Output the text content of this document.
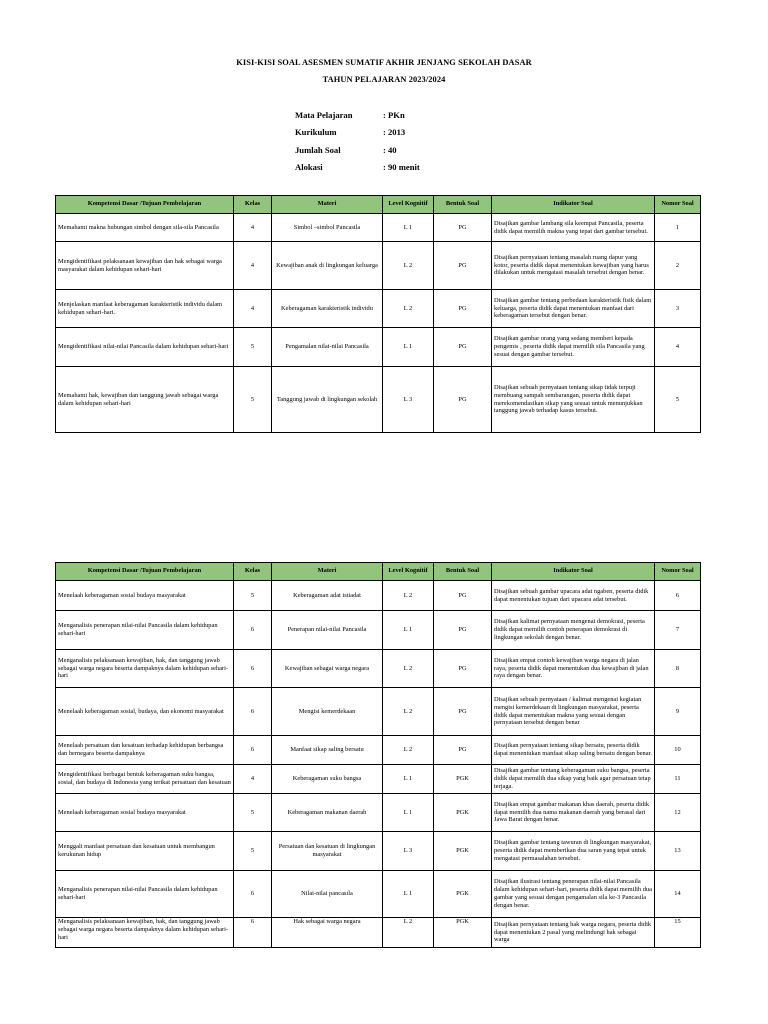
KISI-KISI SOAL ASESMEN SUMATIF AKHIR JENJANG SEKOLAH DASAR
TAHUN PELAJARAN 2023/2024
Mata Pelajaran	: PKn
Kurikulum	: 2013
Jumlah Soal	: 40
Alokasi	: 90 menit
Kompetensi Dasar /Tujuan Pembelajaran	Kelas	Materi	Level Kognitif	Bentuk Soal	Indikator Soal	Nomor Soal
Memahami makna hubungan simbol dengan sila-sila Pancasila	4	Simbol –simbol Pancasila	L 1	PG	Disajikan gambar lambang sila keempat Pancasila, peserta didik dapat memilih makna yang tepat dari gambar tersebut.	1
Mengidentifikasi pelaksanaan kewajiban dan hak sebagai warga masyarakat dalam kehidupan sehari-hari	4	Kewajiban anak di lingkungan keluarga	L 2	PG	Disajikan pernyataan tentang masalah ruang dapur yang kotor, peserta didik dapat menentukan kewajiban yang harus dilakukan untuk mengatasi masalah tersebut dengan benar.	2
Menjelaskan manfaat keberagaman karakteristik individu dalam kehidupan sehari-hari.	4	Keberagaman karakteristik individu	L 2	PG	Disajikan gambar tentang perbedaan karakteristik fisik dalam keluarga, peserta didik dapat menentukan manfaat dari keberagaman tersebut dengan benar.	3
Mengidentifikasi nilai-nilai Pancasila dalam kehidupan sehari-hari	5	Pengamalan nilai-nilai Pancasila	L 1	PG	Disajikan gambar orang yang sedang memberi kepada pengemis , peserta didik dapat memilih sila Pancasila yang sesuai dengan gambar tersebut.	4
Memahami hak, kewajiban dan tanggung jawab sebagai warga dalam kehidupan sehari-hari	5	Tanggung jawab di lingkungan sekolah	L 3	PG	Disajikan sebuah pernyataan tentang sikap tidak terpuji membuang sampah sembarangan, peserta didik dapat merekomendasikan sikap yang sesuai untuk menunjukkan tanggung jawab terhadap kasus tersebut.	5
Kompetensi Dasar /Tujuan Pembelajaran	Kelas	Materi	Level Kognitif	Bentuk Soal	Indikator Soal	Nomor Soal
Menelaah keberagaman sosial budaya masyarakat	5	Keberagaman adat istiadat	L 2	PG	Disajikan sebuah gambar upacara adat ngaben, peserta didik dapat menentukan tujuan dari upacara adat tersebut.	6
Menganalisis penerapan nilai-nilai Pancasila dalam kehidupan sehari-hari	6	Penerapan nilai-nilai Pancasila	L 1	PG	Disajikan kalimat pernyataan mengenai demokrasi, peserta didik dapat memilih contoh penerapan demokrasi di lingkungan sekolah dengan benar.	7
Menganalisis pelaksanaan kewajiban, hak, dan tanggung jawab sebagai warga negara beserta dampaknya dalam kehidupan sehari-hari	6	Kewajiban sebagai warga negara	L 2	PG	Disajikan empat contoh kewajiban warga negara di jalan raya, peserta didik dapat menentukan dua kewajiban di jalan raya dengan benar.	8
Menelaah keberagaman sosial, budaya, dan ekonomi masyarakat	6	Mengisi kemerdekaan	L 2	PG	Disajikan sebuah pernyataan / kalimat mengenai kegiatan mengisi kemerdekaan di lingkungan masyarakat, peserta didik dapat menentukan makna yang sesuai dengan pernyataan tersebut dengan benar	9
Menelaah persatuan dan kesatuan terhadap kehidupan berbangsa dan bernegara beserta dampaknya	6	Manfaat sikap saling bersatu	L 2	PG	Disajikan pernyataan tentang sikap bersatu, peserta didik dapat menentukan manfaat sikap saling bersatu dengan benar.	10
Mengidentifikasi berbagai bentuk keberagaman suku bangsa, sosial, dan budaya di Indonesia yang terikat persatuan dan kesatuan	4	Keberagaman suku bangsa	L 1	PGK	Disajikan gambar tentang keberagaman suku bangsa, peserta didik dapat memilih dua sikap yang baik agar persatuan tetap terjaga.	11
Menelaah keberagaman sosial budaya masyarakat	5	Keberagaman makanan daerah	L 1	PGK	Disajikan empat gambar makanan khas daerah, peserta didik dapat memilih dua nama makanan daerah yang berasal dari Jawa Barat dengan benar.	12
Menggali manfaat persatuan dan kesatuan untuk membangun kerukunan hidup	5	Persatuan dan kesatuan di lingkungan masyarakat	L 3	PGK	Disajikan gambar tentang tawuran di lingkungan masyarakat, peserta didik dapat memberikan dua saran yang tepat untuk mengatasi permasalahan tersebut.	13
Menganalisis penerapan nilai-nilai Pancasila dalam kehidupan sehari-hari	6	Nilai-nilai pancasila	L 1	PGK	Disajikan ilustrasi tentang penerapan nilai-nilai Pancasila dalam kehidupan sehari-hari, peserta didik dapat memilih dua gambar yang sesuai dengan pengamalan sila ke-3 Pancasila dengan benar.	14
Menganalisis pelaksanaan kewajiban, hak, dan tanggung jawab sebagai warga negara beserta dampaknya dalam kehidupan sehari-hari	6	Hak sebagai warga negara	L 2	PGK	Disajikan pernyataan tentang hak warga negara, peserta didik dapat menentukan 2 pasal yang melindungi hak sebagai warga	15
